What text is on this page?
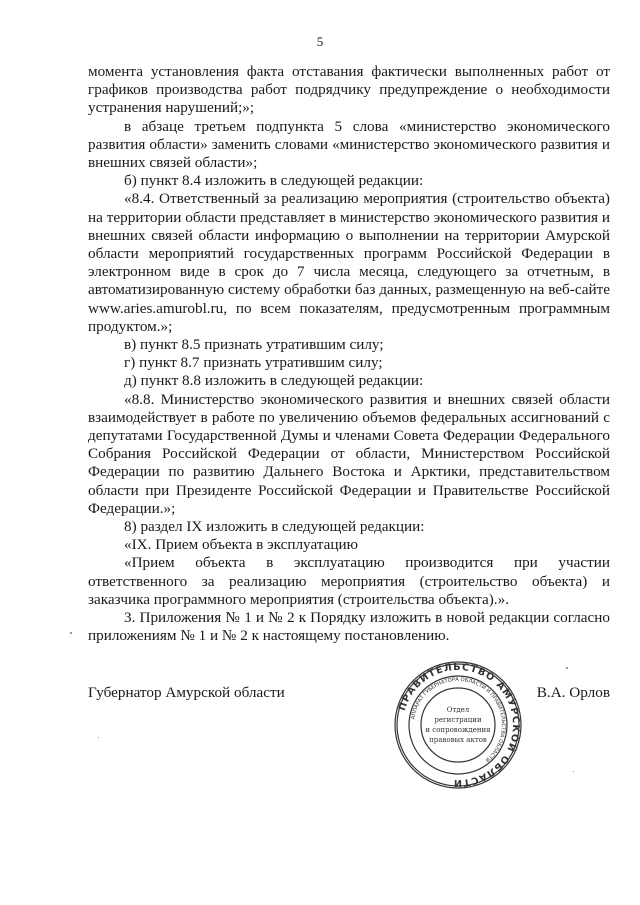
5

момента установления факта отставания фактически выполненных работ от графиков производства работ подрядчику предупреждение о необходимости устранения нарушений;»;

в абзаце третьем подпункта 5 слова «министерство экономического развития области» заменить словами «министерство экономического развития и внешних связей области»;

б) пункт 8.4 изложить в следующей редакции:

«8.4. Ответственный за реализацию мероприятия (строительство объекта) на территории области представляет в министерство экономического развития и внешних связей области информацию о выполнении на территории Амурской области мероприятий государственных программ Российской Федерации в электронном виде в срок до 7 числа месяца, следующего за отчетным, в автоматизированную систему обработки баз данных, размещенную на веб-сайте www.aries.amurobl.ru, по всем показателям, предусмотренным программным продуктом.»;

в) пункт 8.5 признать утратившим силу;

г) пункт 8.7 признать утратившим силу;

д) пункт 8.8 изложить в следующей редакции:

«8.8. Министерство экономического развития и внешних связей области взаимодействует в работе по увеличению объемов федеральных ассигнований с депутатами Государственной Думы и членами Совета Федерации Федерального Собрания Российской Федерации от области, Министерством Российской Федерации по развитию Дальнего Востока и Арктики, представительством области при Президенте Российской Федерации и Правительстве Российской Федерации.»;

8) раздел IX изложить в следующей редакции:

«IX. Прием объекта в эксплуатацию

«Прием объекта в эксплуатацию производится при участии ответственного за реализацию мероприятия (строительство объекта) и заказчика программного мероприятия (строительства объекта).».

3. Приложения № 1 и № 2 к Порядку изложить в новой редакции согласно приложениям № 1 и № 2 к настоящему постановлению.

Губернатор Амурской области	В.А. Орлов
ПРАВИТЕЛЬСТВО АМУРСКОЙ ОБЛАСТИ
АППАРАТ ГУБЕРНАТОРА ОБЛАСТИ И ПРАВИТЕЛЬСТВА ОБЛАСТИ
Отдел
регистрации
и сопровождения
правовых актов
